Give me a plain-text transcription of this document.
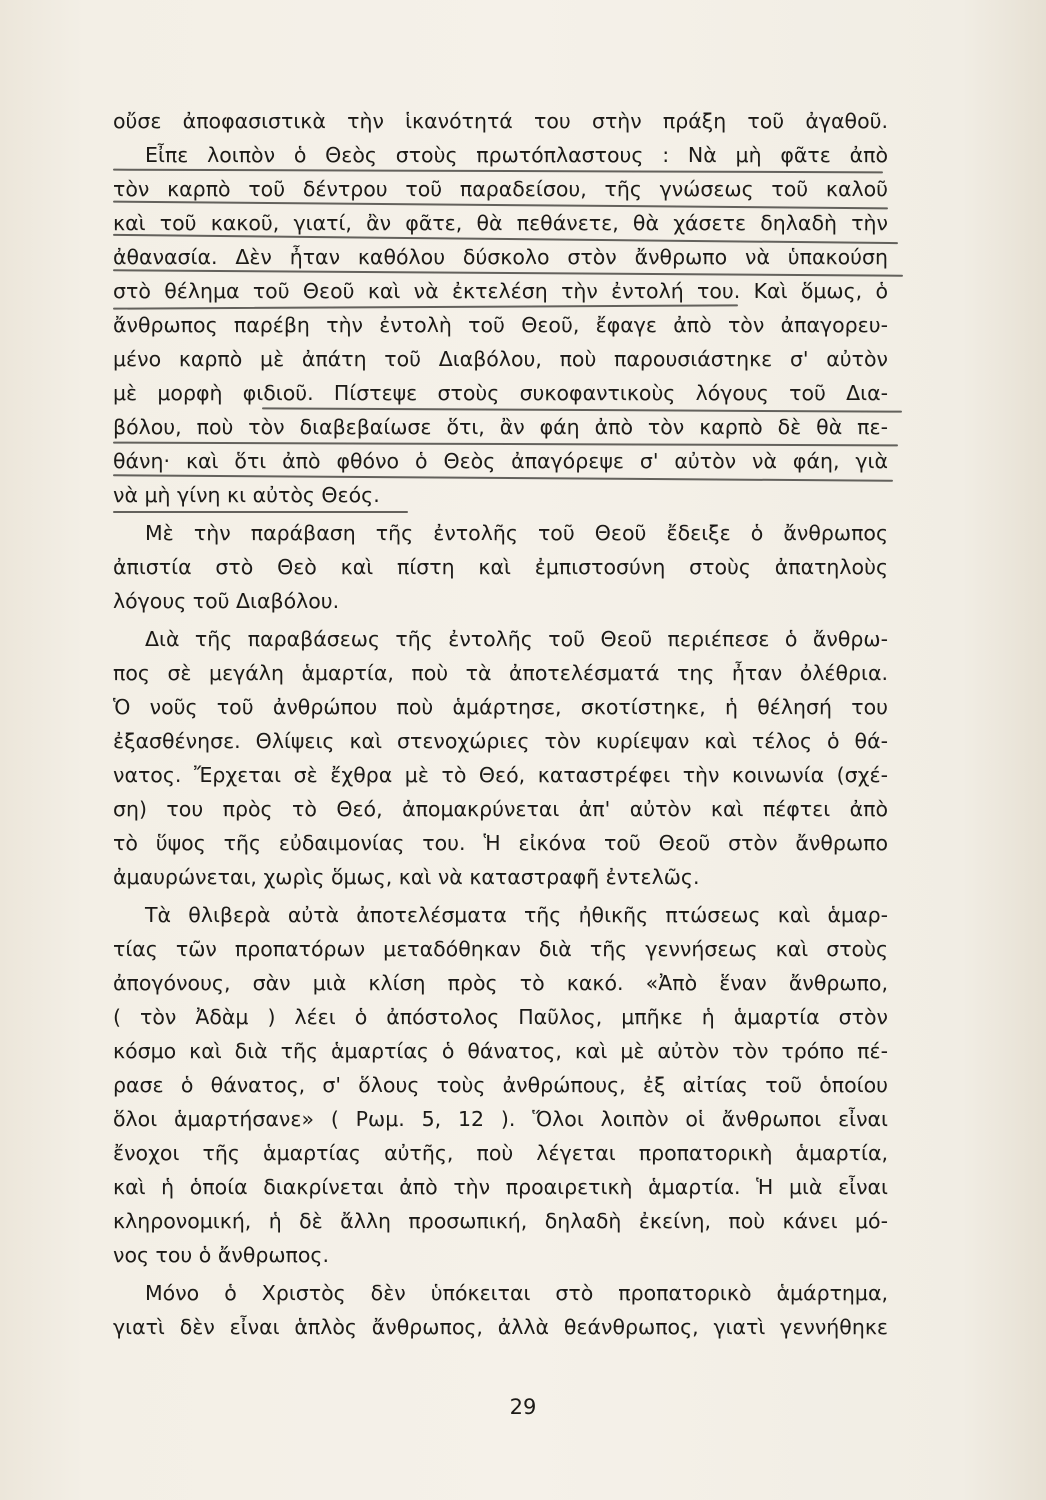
οὔσε ἀποφασιστικὰ τὴν ἱκανότητά του στὴν πράξη τοῦ ἀγαθοῦ.
Εἶπε λοιπὸν ὁ Θεὸς στοὺς πρωτόπλαστους : Νὰ μὴ φᾶτε ἀπὸ
τὸν καρπὸ τοῦ δέντρου τοῦ παραδείσου, τῆς γνώσεως τοῦ καλοῦ
καὶ τοῦ κακοῦ, γιατί, ἂν φᾶτε, θὰ πεθάνετε, θὰ χάσετε δηλαδὴ τὴν
ἀθανασία. Δὲν ἦταν καθόλου δύσκολο στὸν ἄνθρωπο νὰ ὑπακούση
στὸ θέλημα τοῦ Θεοῦ καὶ νὰ ἐκτελέση τὴν ἐντολή του. Καὶ ὅμως, ὁ
ἄνθρωπος παρέβη τὴν ἐντολὴ τοῦ Θεοῦ, ἔφαγε ἀπὸ τὸν ἀπαγορευ-
μένο καρπὸ μὲ ἀπάτη τοῦ Διαβόλου, ποὺ παρουσιάστηκε σ' αὐτὸν
μὲ μορφὴ φιδιοῦ. Πίστεψε στοὺς συκοφαντικοὺς λόγους τοῦ Δια-
βόλου, ποὺ τὸν διαβεβαίωσε ὅτι, ἂν φάη ἀπὸ τὸν καρπὸ δὲ θὰ πε-
θάνη· καὶ ὅτι ἀπὸ φθόνο ὁ Θεὸς ἀπαγόρεψε σ' αὐτὸν νὰ φάη, γιὰ
νὰ μὴ γίνη κι αὐτὸς Θεός.
Μὲ τὴν παράβαση τῆς ἐντολῆς τοῦ Θεοῦ ἔδειξε ὁ ἄνθρωπος
ἀπιστία στὸ Θεὸ καὶ πίστη καὶ ἐμπιστοσύνη στοὺς ἀπατηλοὺς
λόγους τοῦ Διαβόλου.
Διὰ τῆς παραβάσεως τῆς ἐντολῆς τοῦ Θεοῦ περιέπεσε ὁ ἄνθρω-
πος σὲ μεγάλη ἁμαρτία, ποὺ τὰ ἀποτελέσματά της ἦταν ὀλέθρια.
Ὁ νοῦς τοῦ ἀνθρώπου ποὺ ἁμάρτησε, σκοτίστηκε, ἡ θέλησή του
ἐξασθένησε. Θλίψεις καὶ στενοχώριες τὸν κυρίεψαν καὶ τέλος ὁ θά-
νατος. Ἔρχεται σὲ ἔχθρα μὲ τὸ Θεό, καταστρέφει τὴν κοινωνία (σχέ-
ση) του πρὸς τὸ Θεό, ἀπομακρύνεται ἀπ' αὐτὸν καὶ πέφτει ἀπὸ
τὸ ὕψος τῆς εὐδαιμονίας του. Ἡ εἰκόνα τοῦ Θεοῦ στὸν ἄνθρωπο
ἀμαυρώνεται, χωρὶς ὅμως, καὶ νὰ καταστραφῆ ἐντελῶς.
Τὰ θλιβερὰ αὐτὰ ἀποτελέσματα τῆς ἠθικῆς πτώσεως καὶ ἁμαρ-
τίας τῶν προπατόρων μεταδόθηκαν διὰ τῆς γεννήσεως καὶ στοὺς
ἀπογόνους, σὰν μιὰ κλίση πρὸς τὸ κακό. «Ἀπὸ ἕναν ἄνθρωπο,
( τὸν Ἀδὰμ ) λέει ὁ ἀπόστολος Παῦλος, μπῆκε ἡ ἁμαρτία στὸν
κόσμο καὶ διὰ τῆς ἁμαρτίας ὁ θάνατος, καὶ μὲ αὐτὸν τὸν τρόπο πέ-
ρασε ὁ θάνατος, σ' ὅλους τοὺς ἀνθρώπους, ἐξ αἰτίας τοῦ ὁποίου
ὅλοι ἁμαρτήσανε» ( Ρωμ. 5, 12 ). Ὅλοι λοιπὸν οἱ ἄνθρωποι εἶναι
ἔνοχοι τῆς ἁμαρτίας αὐτῆς, ποὺ λέγεται προπατορικὴ ἁμαρτία,
καὶ ἡ ὁποία διακρίνεται ἀπὸ τὴν προαιρετικὴ ἁμαρτία. Ἡ μιὰ εἶναι
κληρονομική, ἡ δὲ ἄλλη προσωπική, δηλαδὴ ἐκείνη, ποὺ κάνει μό-
νος του ὁ ἄνθρωπος.
Μόνο ὁ Χριστὸς δὲν ὑπόκειται στὸ προπατορικὸ ἁμάρτημα,
γιατὶ δὲν εἶναι ἁπλὸς ἄνθρωπος, ἀλλὰ θεάνθρωπος, γιατὶ γεννήθηκε
29
